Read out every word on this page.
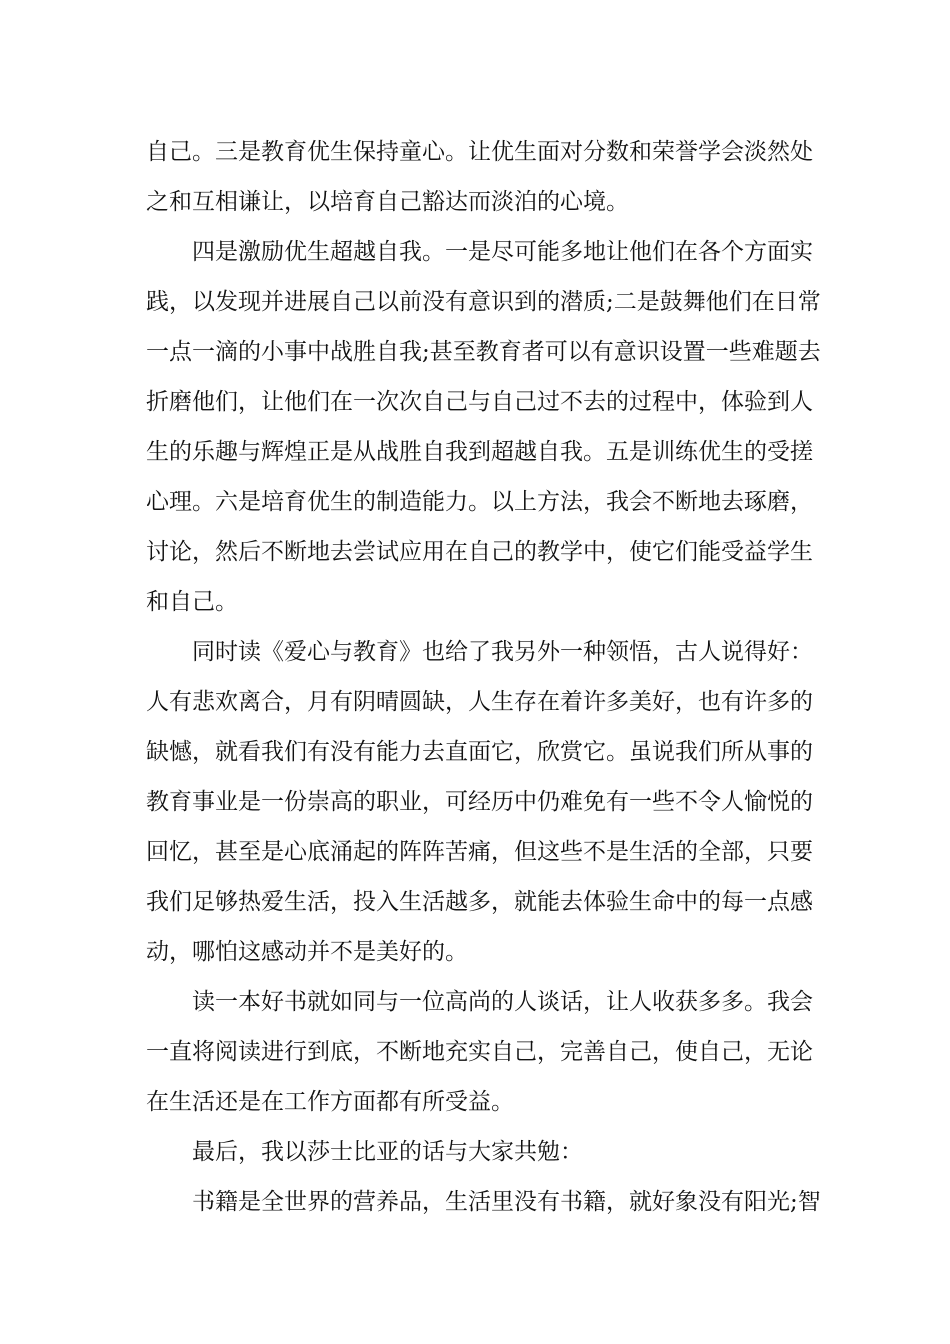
自己。三是教育优生保持童心。让优生面对分数和荣誉学会淡然处
之和互相谦让，以培育自己豁达而淡泊的心境。
四是激励优生超越自我。一是尽可能多地让他们在各个方面实
践，以发现并进展自己以前没有意识到的潜质;二是鼓舞他们在日常
一点一滴的小事中战胜自我;甚至教育者可以有意识设置一些难题去
折磨他们，让他们在一次次自己与自己过不去的过程中，体验到人
生的乐趣与辉煌正是从战胜自我到超越自我。五是训练优生的受搓
心理。六是培育优生的制造能力。以上方法，我会不断地去琢磨，
讨论，然后不断地去尝试应用在自己的教学中，使它们能受益学生
和自己。
同时读《爱心与教育》也给了我另外一种领悟，古人说得好：
人有悲欢离合，月有阴晴圆缺，人生存在着许多美好，也有许多的
缺憾，就看我们有没有能力去直面它，欣赏它。虽说我们所从事的
教育事业是一份崇高的职业，可经历中仍难免有一些不令人愉悦的
回忆，甚至是心底涌起的阵阵苦痛，但这些不是生活的全部，只要
我们足够热爱生活，投入生活越多，就能去体验生命中的每一点感
动，哪怕这感动并不是美好的。
读一本好书就如同与一位高尚的人谈话，让人收获多多。我会
一直将阅读进行到底，不断地充实自己，完善自己，使自己，无论
在生活还是在工作方面都有所受益。
最后，我以莎士比亚的话与大家共勉：
书籍是全世界的营养品，生活里没有书籍，就好象没有阳光;智
